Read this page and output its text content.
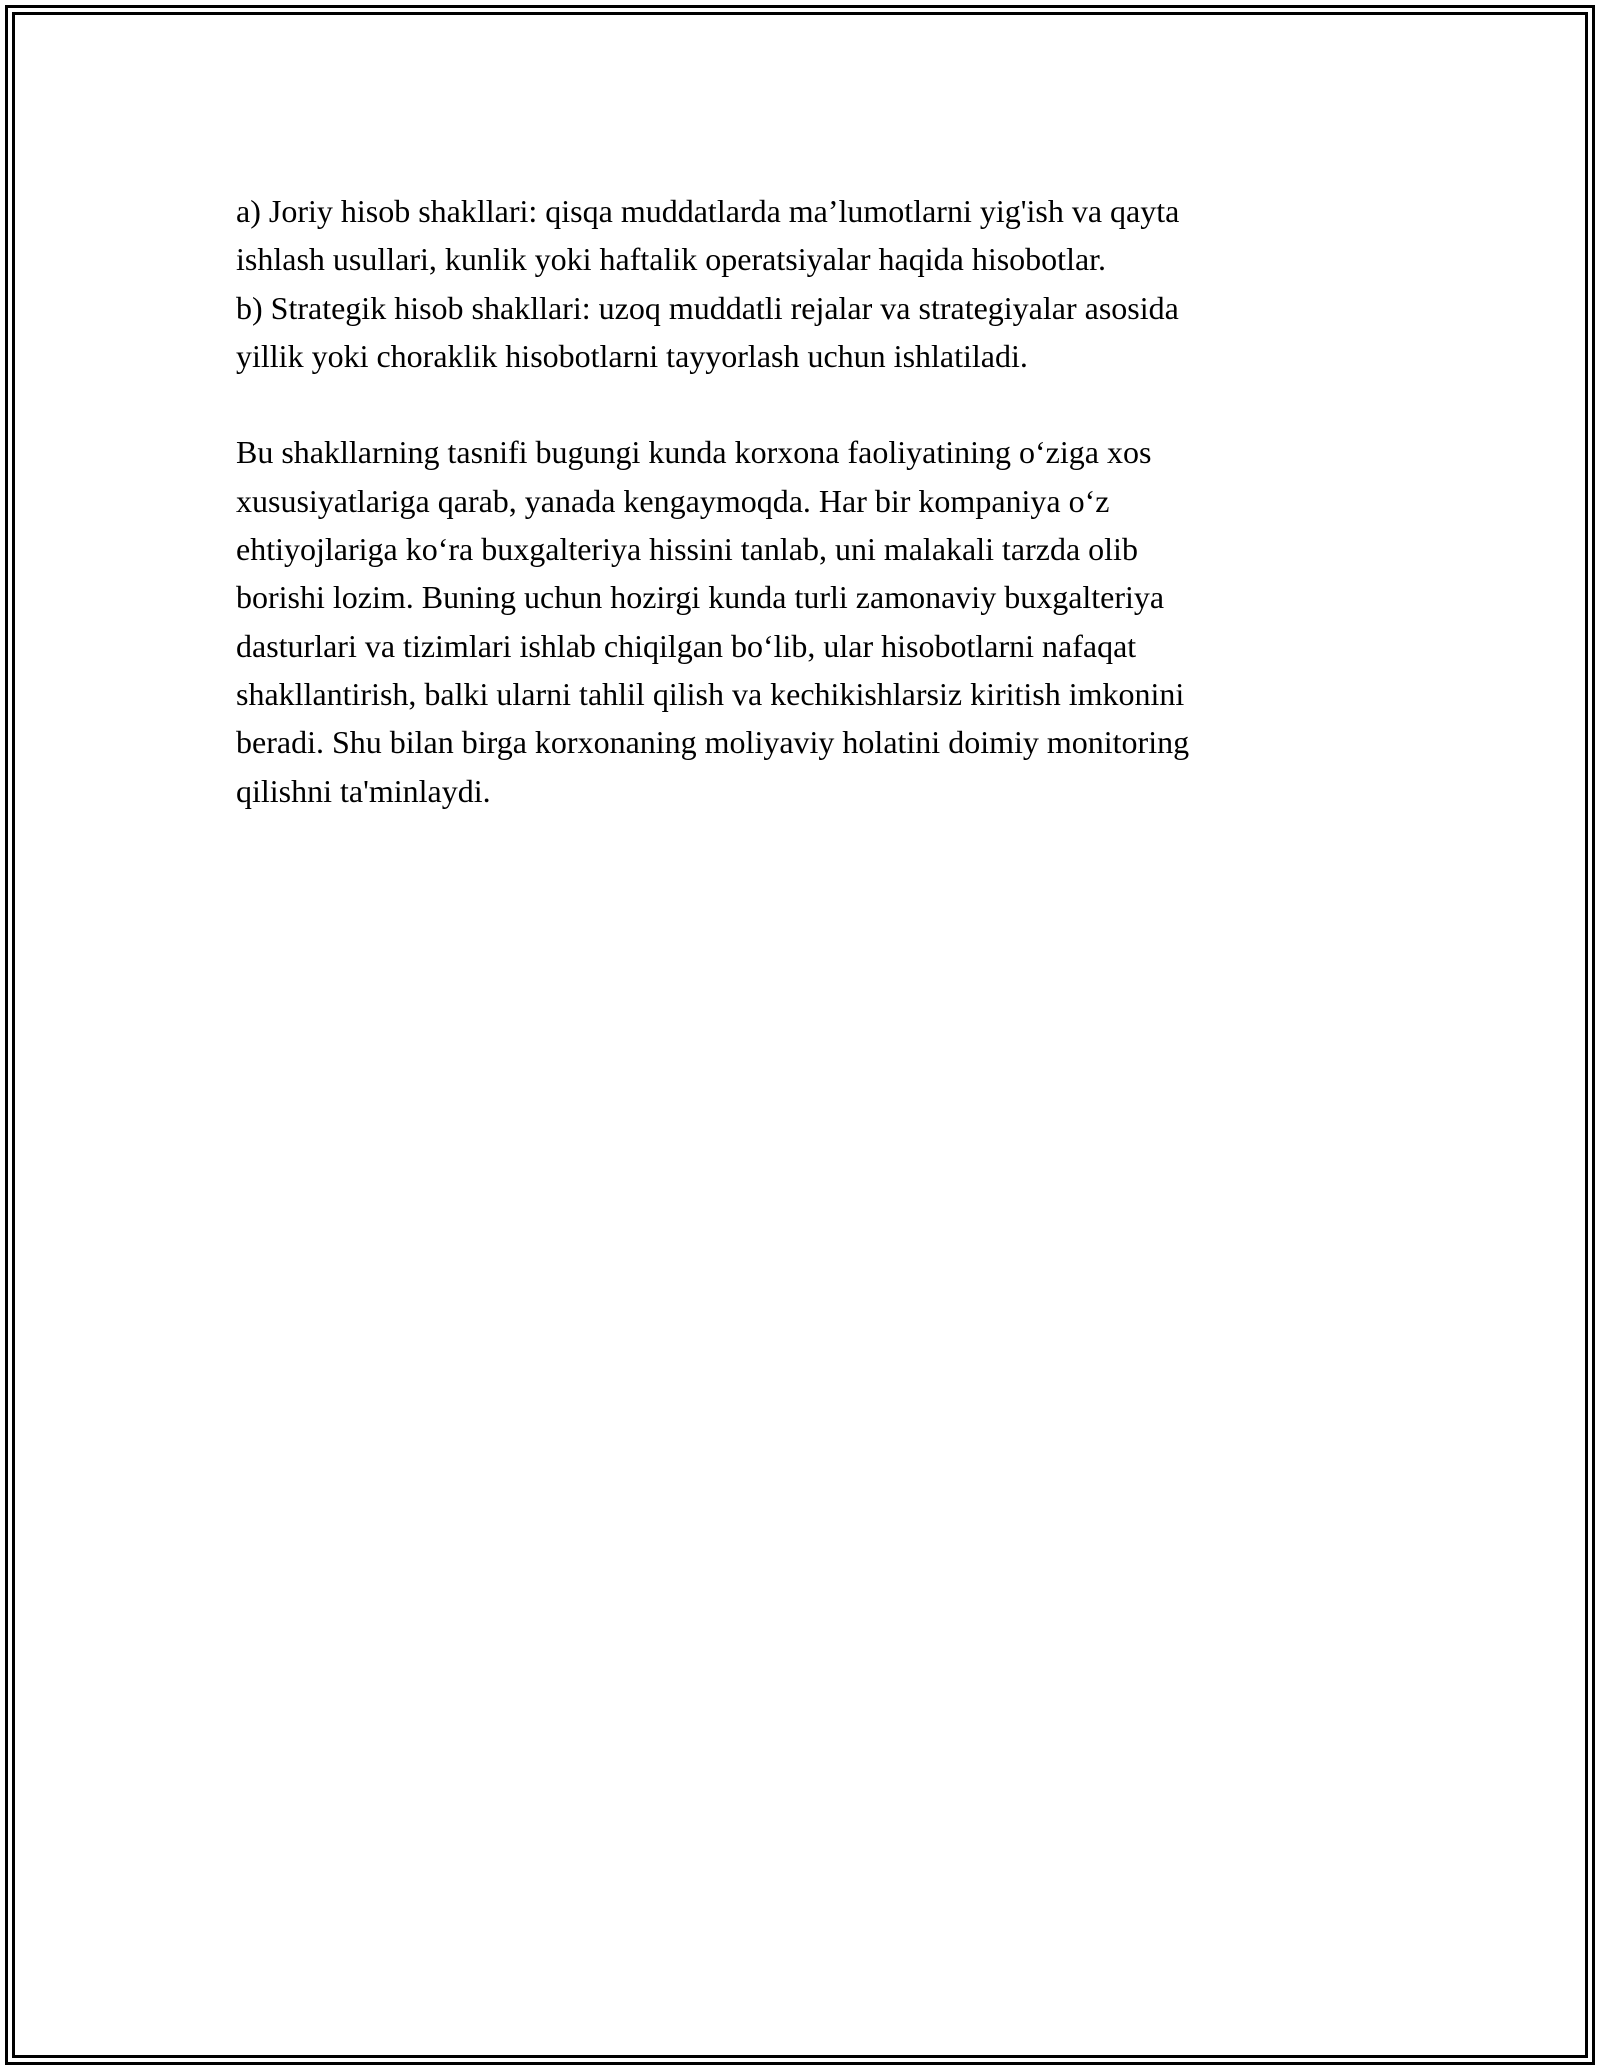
a) Joriy hisob shakllari: qisqa muddatlarda ma’lumotlarni yig'ish va qayta
ishlash usullari, kunlik yoki haftalik operatsiyalar haqida hisobotlar.
b) Strategik hisob shakllari: uzoq muddatli rejalar va strategiyalar asosida
yillik yoki choraklik hisobotlarni tayyorlash uchun ishlatiladi.
Bu shakllarning tasnifi bugungi kunda korxona faoliyatining o‘ziga xos
xususiyatlariga qarab, yanada kengaymoqda. Har bir kompaniya o‘z
ehtiyojlariga ko‘ra buxgalteriya hissini tanlab, uni malakali tarzda olib
borishi lozim. Buning uchun hozirgi kunda turli zamonaviy buxgalteriya
dasturlari va tizimlari ishlab chiqilgan bo‘lib, ular hisobotlarni nafaqat
shakllantirish, balki ularni tahlil qilish va kechikishlarsiz kiritish imkonini
beradi. Shu bilan birga korxonaning moliyaviy holatini doimiy monitoring
qilishni ta'minlaydi.
